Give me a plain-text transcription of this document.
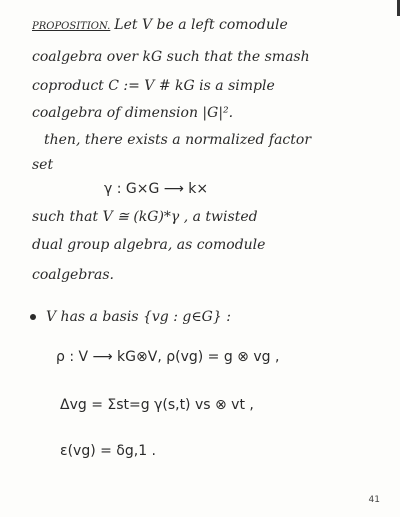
PROPOSITION. Let V be a left comodule
coalgebra over kG such that the smash
coproduct C := V # kG is a simple
coalgebra of dimension |G|².
then, there exists a normalized factor
set
γ : G×G ⟶ k×
such that V ≅ (kG)*γ , a twisted
dual group algebra, as comodule
coalgebras.
V has a basis {vg : g∈G} :
ρ : V ⟶ kG⊗V, ρ(vg) = g ⊗ vg ,
Δvg = Σst=g γ(s,t) vs ⊗ vt ,
ε(vg) = δg,1 .
41
